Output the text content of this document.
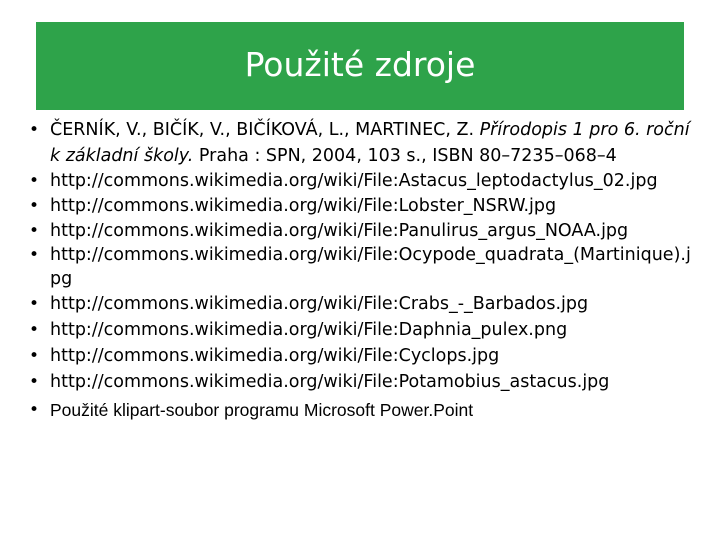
Použité zdroje
• ČERNÍK, V., BIČÍK, V., BIČÍKOVÁ, L., MARTINEC, Z. Přírodopis 1 pro 6. ročník základní školy. Praha : SPN, 2004, 103 s., ISBN 80–7235–068–4
• http://commons.wikimedia.org/wiki/File:Astacus_leptodactylus_02.jpg
• http://commons.wikimedia.org/wiki/File:Lobster_NSRW.jpg
• http://commons.wikimedia.org/wiki/File:Panulirus_argus_NOAA.jpg
• http://commons.wikimedia.org/wiki/File:Ocypode_quadrata_(Martinique).jpg
• http://commons.wikimedia.org/wiki/File:Crabs_-_Barbados.jpg
• http://commons.wikimedia.org/wiki/File:Daphnia_pulex.png
• http://commons.wikimedia.org/wiki/File:Cyclops.jpg
• http://commons.wikimedia.org/wiki/File:Potamobius_astacus.jpg
• Použité klipart-soubor programu Microsoft Power.Point
